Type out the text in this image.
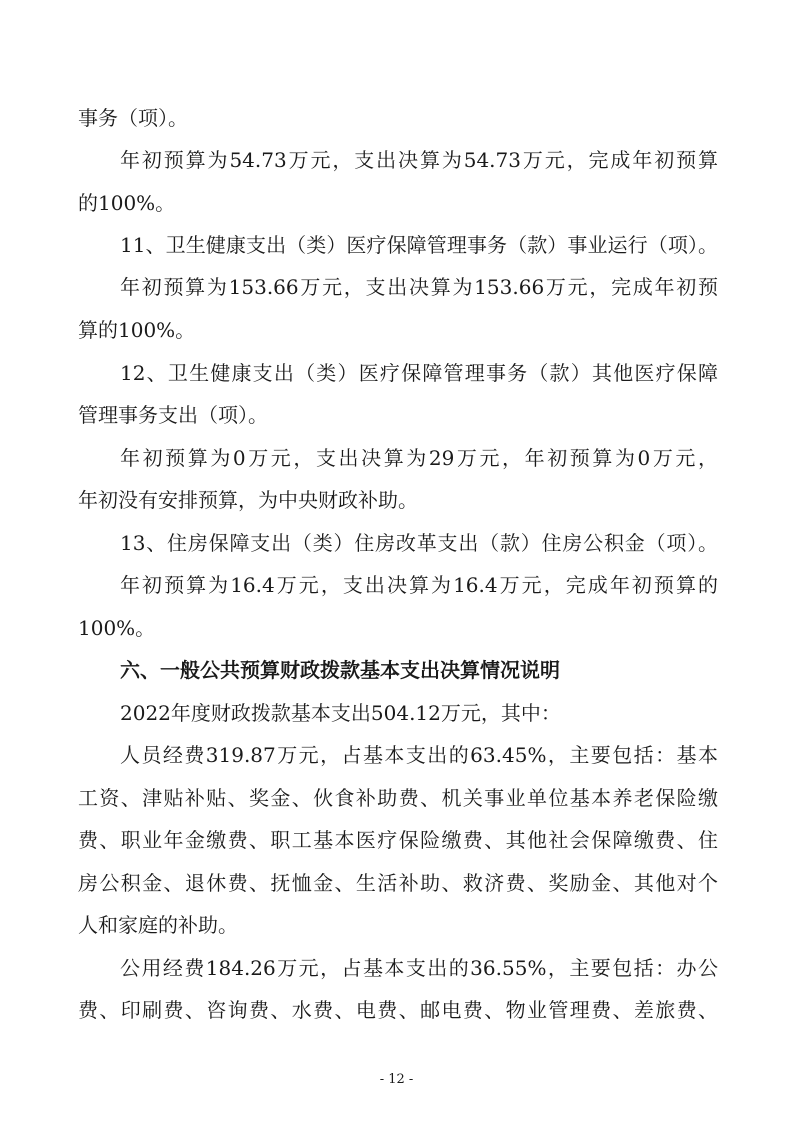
事务（项）。
年初预算为54.73万元，支出决算为54.73万元，完成年初预算
的100%。
11、卫生健康支出（类）医疗保障管理事务（款）事业运行（项）。
年初预算为153.66万元，支出决算为153.66万元，完成年初预
算的100%。
12、卫生健康支出（类）医疗保障管理事务（款）其他医疗保障
管理事务支出（项）。
年初预算为0万元，支出决算为29万元，年初预算为0万元，
年初没有安排预算，为中央财政补助。
13、住房保障支出（类）住房改革支出（款）住房公积金（项）。
年初预算为16.4万元，支出决算为16.4万元，完成年初预算的
100%。
六、一般公共预算财政拨款基本支出决算情况说明
2022年度财政拨款基本支出504.12万元，其中：
人员经费319.87万元，占基本支出的63.45%，主要包括：基本
工资、津贴补贴、奖金、伙食补助费、机关事业单位基本养老保险缴
费、职业年金缴费、职工基本医疗保险缴费、其他社会保障缴费、住
房公积金、退休费、抚恤金、生活补助、救济费、奖励金、其他对个
人和家庭的补助。
公用经费184.26万元，占基本支出的36.55%，主要包括：办公
费、印刷费、咨询费、水费、电费、邮电费、物业管理费、差旅费、
- 12 -
